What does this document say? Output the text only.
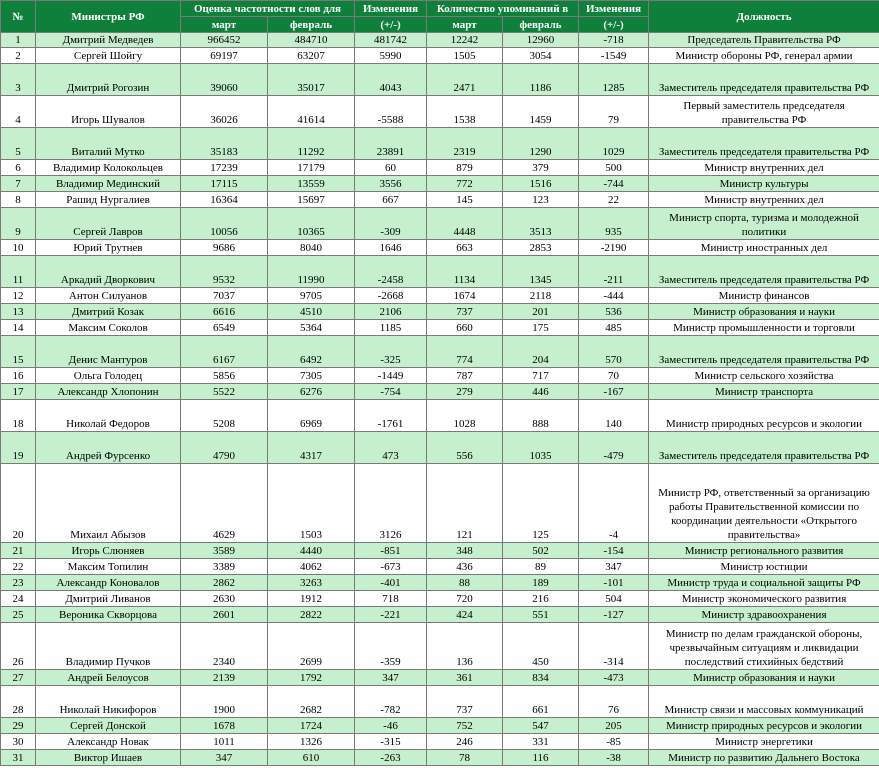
№	Министры РФ	Оценка частотности слов для		Изменения	Количество упоминаний в		Изменения	Должность
		март	февраль	(+/-)	март	февраль	(+/-)	
1	Дмитрий Медведев	966452	484710	481742	12242	12960	-718	Председатель Правительства РФ
2	Сергей Шойгу	69197	63207	5990	1505	3054	-1549	Министр обороны РФ, генерал армии
3	Дмитрий Рогозин	39060	35017	4043	2471	1186	1285	Заместитель председателя правительства РФ
4	Игорь Шувалов	36026	41614	-5588	1538	1459	79	Первый заместитель председателя правительства РФ
5	Виталий Мутко	35183	11292	23891	2319	1290	1029	Заместитель председателя правительства РФ
6	Владимир Колокольцев	17239	17179	60	879	379	500	Министр внутренних дел
7	Владимир Мединский	17115	13559	3556	772	1516	-744	Министр культуры
8	Рашид Нургалиев	16364	15697	667	145	123	22	Министр внутренних дел
9	Сергей Лавров	10056	10365	-309	4448	3513	935	Министр спорта, туризма и молодежной политики
10	Юрий Трутнев	9686	8040	1646	663	2853	-2190	Министр иностранных дел
11	Аркадий Дворкович	9532	11990	-2458	1134	1345	-211	Заместитель председателя правительства РФ
12	Антон Силуанов	7037	9705	-2668	1674	2118	-444	Министр финансов
13	Дмитрий Козак	6616	4510	2106	737	201	536	Министр образования и науки
14	Максим Соколов	6549	5364	1185	660	175	485	Министр промышленности и торговли
15	Денис Мантуров	6167	6492	-325	774	204	570	Заместитель председателя правительства РФ
16	Ольга Голодец	5856	7305	-1449	787	717	70	Министр сельского хозяйства
17	Александр Хлопонин	5522	6276	-754	279	446	-167	Министр транспорта
18	Николай Федоров	5208	6969	-1761	1028	888	140	Министр природных ресурсов и экологии
19	Андрей Фурсенко	4790	4317	473	556	1035	-479	Заместитель председателя правительства РФ
20	Михаил Абызов	4629	1503	3126	121	125	-4	Министр РФ, ответственный за организацию работы Правительственной комиссии по координации деятельности «Открытого правительства»
21	Игорь Слюняев	3589	4440	-851	348	502	-154	Министр регионального развития
22	Максим Топилин	3389	4062	-673	436	89	347	Министр юстиции
23	Александр Коновалов	2862	3263	-401	88	189	-101	Министр труда и социальной защиты РФ
24	Дмитрий Ливанов	2630	1912	718	720	216	504	Министр экономического развития
25	Вероника Скворцова	2601	2822	-221	424	551	-127	Министр здравоохранения
26	Владимир Пучков	2340	2699	-359	136	450	-314	Министр по делам гражданской обороны, чрезвычайным ситуациям и ликвидации последствий стихийных бедствий
27	Андрей Белоусов	2139	1792	347	361	834	-473	Министр образования и науки
28	Николай Никифоров	1900	2682	-782	737	661	76	Министр связи и массовых коммуникаций
29	Сергей Донской	1678	1724	-46	752	547	205	Министр природных ресурсов и экологии
30	Александр Новак	1011	1326	-315	246	331	-85	Министр энергетики
31	Виктор Ишаев	347	610	-263	78	116	-38	Министр по развитию Дальнего Востока
